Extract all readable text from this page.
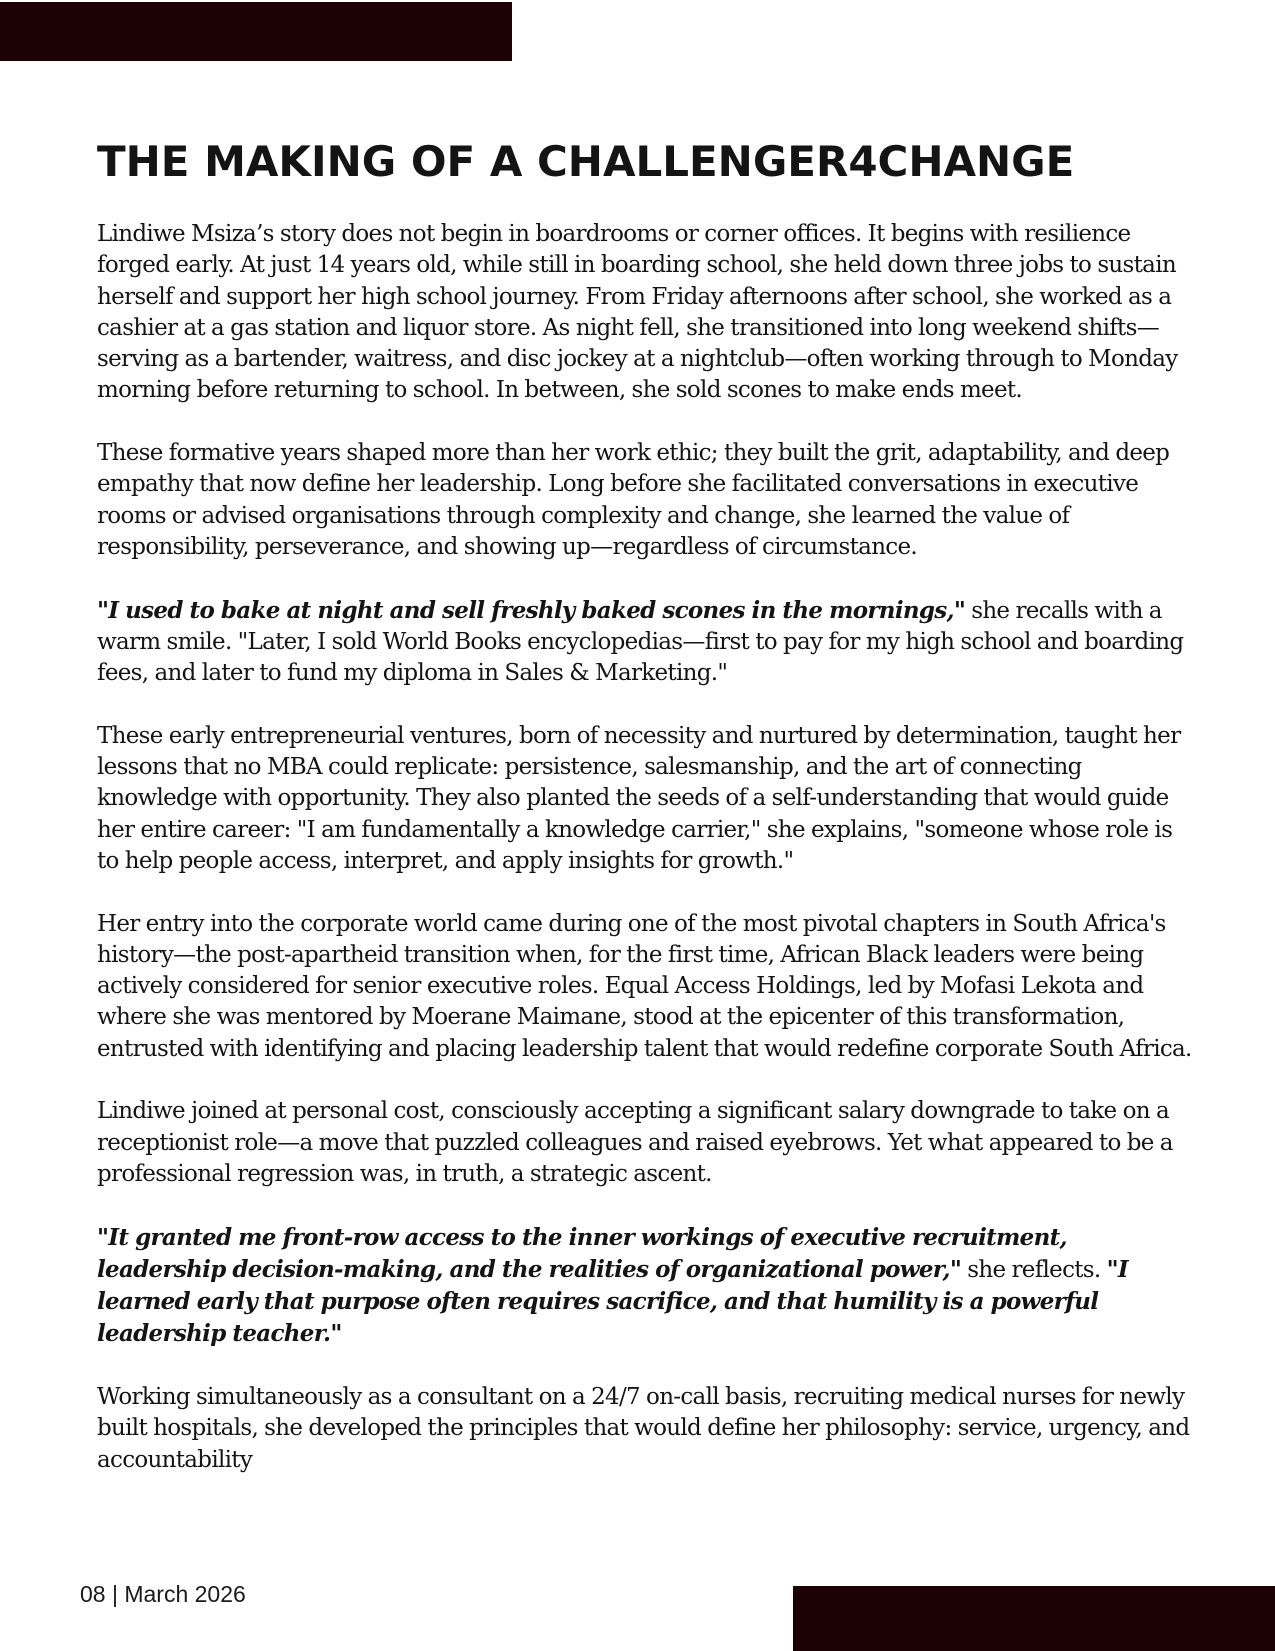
THE MAKING OF A CHALLENGER4CHANGE

Lindiwe Msiza’s story does not begin in boardrooms or corner offices. It begins with resilience forged early. At just 14 years old, while still in boarding school, she held down three jobs to sustain herself and support her high school journey. From Friday afternoons after school, she worked as a cashier at a gas station and liquor store. As night fell, she transitioned into long weekend shifts—serving as a bartender, waitress, and disc jockey at a nightclub—often working through to Monday morning before returning to school. In between, she sold scones to make ends meet.

These formative years shaped more than her work ethic; they built the grit, adaptability, and deep empathy that now define her leadership. Long before she facilitated conversations in executive rooms or advised organisations through complexity and change, she learned the value of responsibility, perseverance, and showing up—regardless of circumstance.

"I used to bake at night and sell freshly baked scones in the mornings," she recalls with a warm smile. "Later, I sold World Books encyclopedias—first to pay for my high school and boarding fees, and later to fund my diploma in Sales & Marketing."

These early entrepreneurial ventures, born of necessity and nurtured by determination, taught her lessons that no MBA could replicate: persistence, salesmanship, and the art of connecting knowledge with opportunity. They also planted the seeds of a self-understanding that would guide her entire career: "I am fundamentally a knowledge carrier," she explains, "someone whose role is to help people access, interpret, and apply insights for growth."

Her entry into the corporate world came during one of the most pivotal chapters in South Africa's history—the post-apartheid transition when, for the first time, African Black leaders were being actively considered for senior executive roles. Equal Access Holdings, led by Mofasi Lekota and where she was mentored by Moerane Maimane, stood at the epicenter of this transformation, entrusted with identifying and placing leadership talent that would redefine corporate South Africa.

Lindiwe joined at personal cost, consciously accepting a significant salary downgrade to take on a receptionist role—a move that puzzled colleagues and raised eyebrows. Yet what appeared to be a professional regression was, in truth, a strategic ascent.

"It granted me front-row access to the inner workings of executive recruitment, leadership decision-making, and the realities of organizational power," she reflects. "I learned early that purpose often requires sacrifice, and that humility is a powerful leadership teacher."

Working simultaneously as a consultant on a 24/7 on-call basis, recruiting medical nurses for newly built hospitals, she developed the principles that would define her philosophy: service, urgency, and accountability

08 | March 2026
